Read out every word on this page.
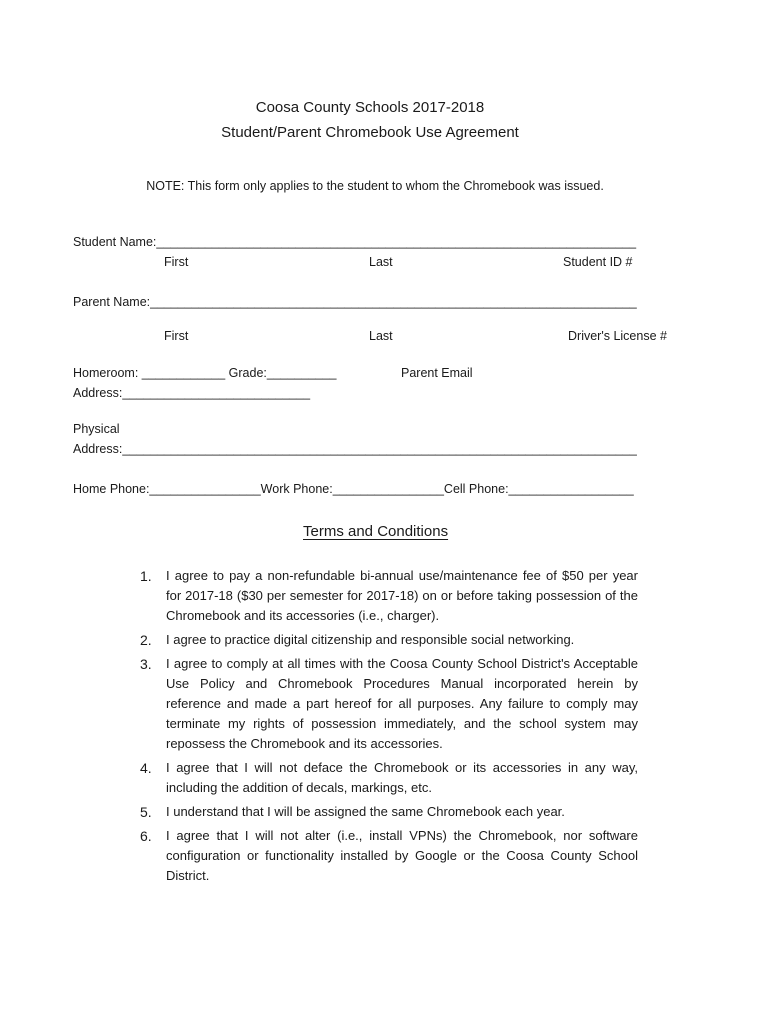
Coosa County Schools 2017-2018
Student/Parent Chromebook Use Agreement
NOTE: This form only applies to the student to whom the Chromebook was issued.
Student Name:_____________________________________________________________________
First	Last	Student ID #
Parent Name:______________________________________________________________________
First	Last	Driver's License #
Homeroom: ____________ Grade:__________	Parent Email
Address:___________________________
Physical
Address:__________________________________________________________________________
Home Phone:________________Work Phone:________________Cell Phone:__________________
Terms and Conditions
1. I agree to pay a non-refundable bi-annual use/maintenance fee of $50 per year for 2017-18 ($30 per semester for 2017-18) on or before taking possession of the Chromebook and its accessories (i.e., charger).
2. I agree to practice digital citizenship and responsible social networking.
3. I agree to comply at all times with the Coosa County School District's Acceptable Use Policy and Chromebook Procedures Manual incorporated herein by reference and made a part hereof for all purposes. Any failure to comply may terminate my rights of possession immediately, and the school system may repossess the Chromebook and its accessories.
4. I agree that I will not deface the Chromebook or its accessories in any way, including the addition of decals, markings, etc.
5. I understand that I will be assigned the same Chromebook each year.
6. I agree that I will not alter (i.e., install VPNs) the Chromebook, nor software configuration or functionality installed by Google or the Coosa County School District.
